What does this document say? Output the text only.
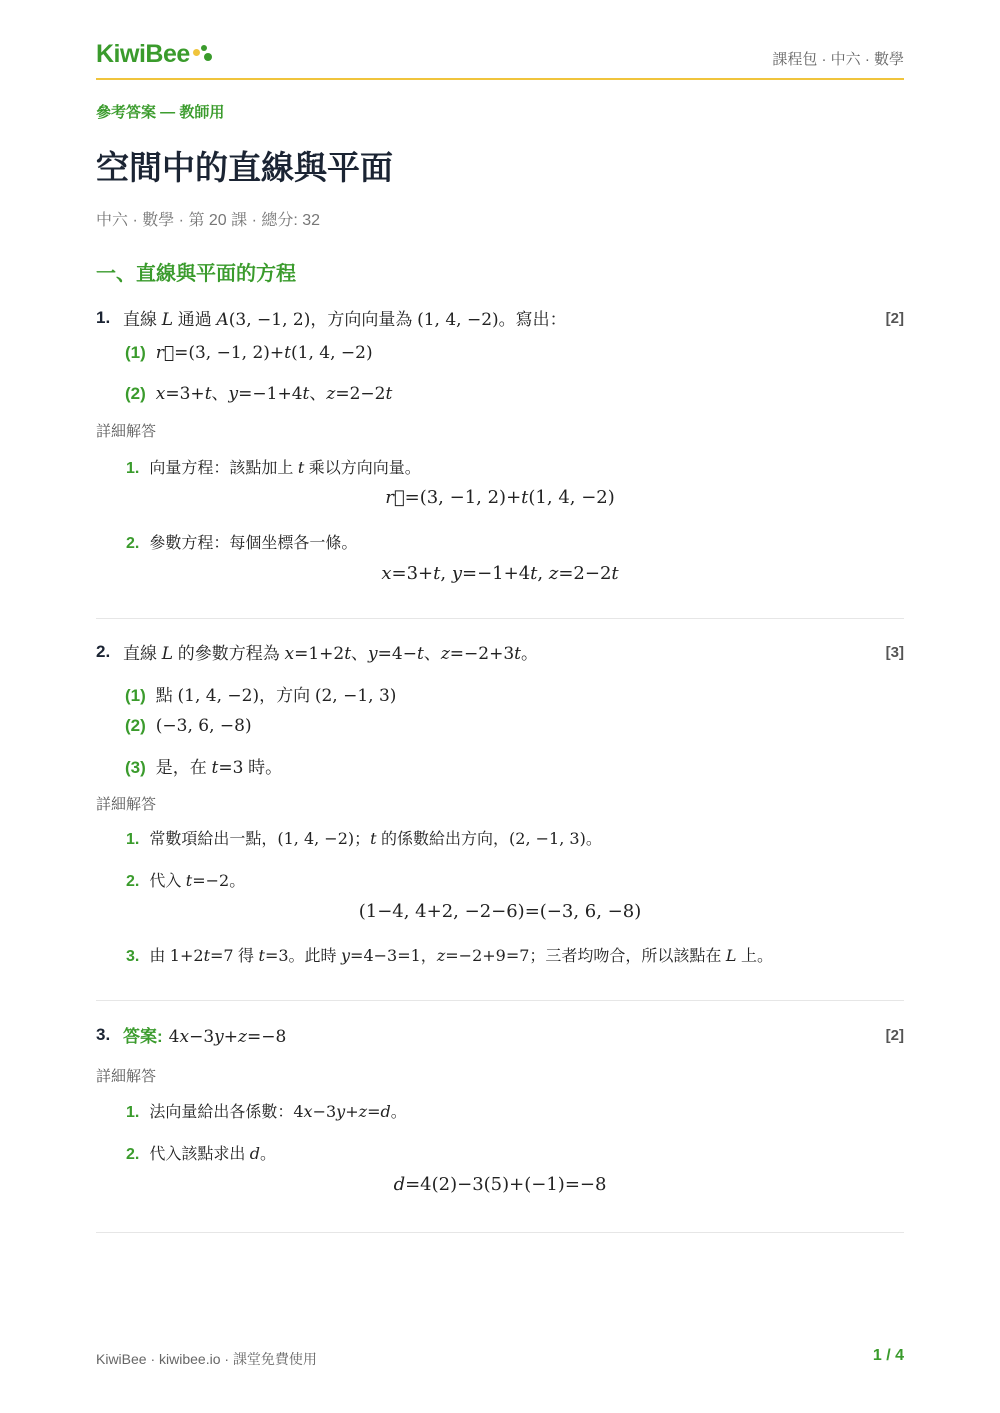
KiwiBee	課程包 · 中六 · 數學
參考答案 — 教師用
空間中的直線與平面
中六 · 數學 · 第 20 課 · 總分: 32
一、直線與平面的方程
1. 直線 L 通過 A(3, −1, 2)，方向向量為 (1, 4, −2)。寫出：	[2]
(1) r⃗=(3, −1, 2)+t(1, 4, −2)
(2) x=3+t、y=−1+4t、z=2−2t
詳細解答
1. 向量方程：該點加上 t 乘以方向向量。
r⃗=(3, −1, 2)+t(1, 4, −2)
2. 參數方程：每個坐標各一條。
x=3+t, y=−1+4t, z=2−2t
2. 直線 L 的參數方程為 x=1+2t、y=4−t、z=−2+3t。	[3]
(1) 點 (1, 4, −2)，方向 (2, −1, 3)
(2) (−3, 6, −8)
(3) 是，在 t=3 時。
詳細解答
1. 常數項給出一點，(1, 4, −2)；t 的係數給出方向，(2, −1, 3)。
2. 代入 t=−2。
(1−4, 4+2, −2−6)=(−3, 6, −8)
3. 由 1+2t=7 得 t=3。此時 y=4−3=1，z=−2+9=7；三者均吻合，所以該點在 L 上。
3. 答案: 4x−3y+z=−8	[2]
詳細解答
1. 法向量給出各係數：4x−3y+z=d。
2. 代入該點求出 d。
d=4(2)−3(5)+(−1)=−8
KiwiBee · kiwibee.io · 課堂免費使用	1 / 4
